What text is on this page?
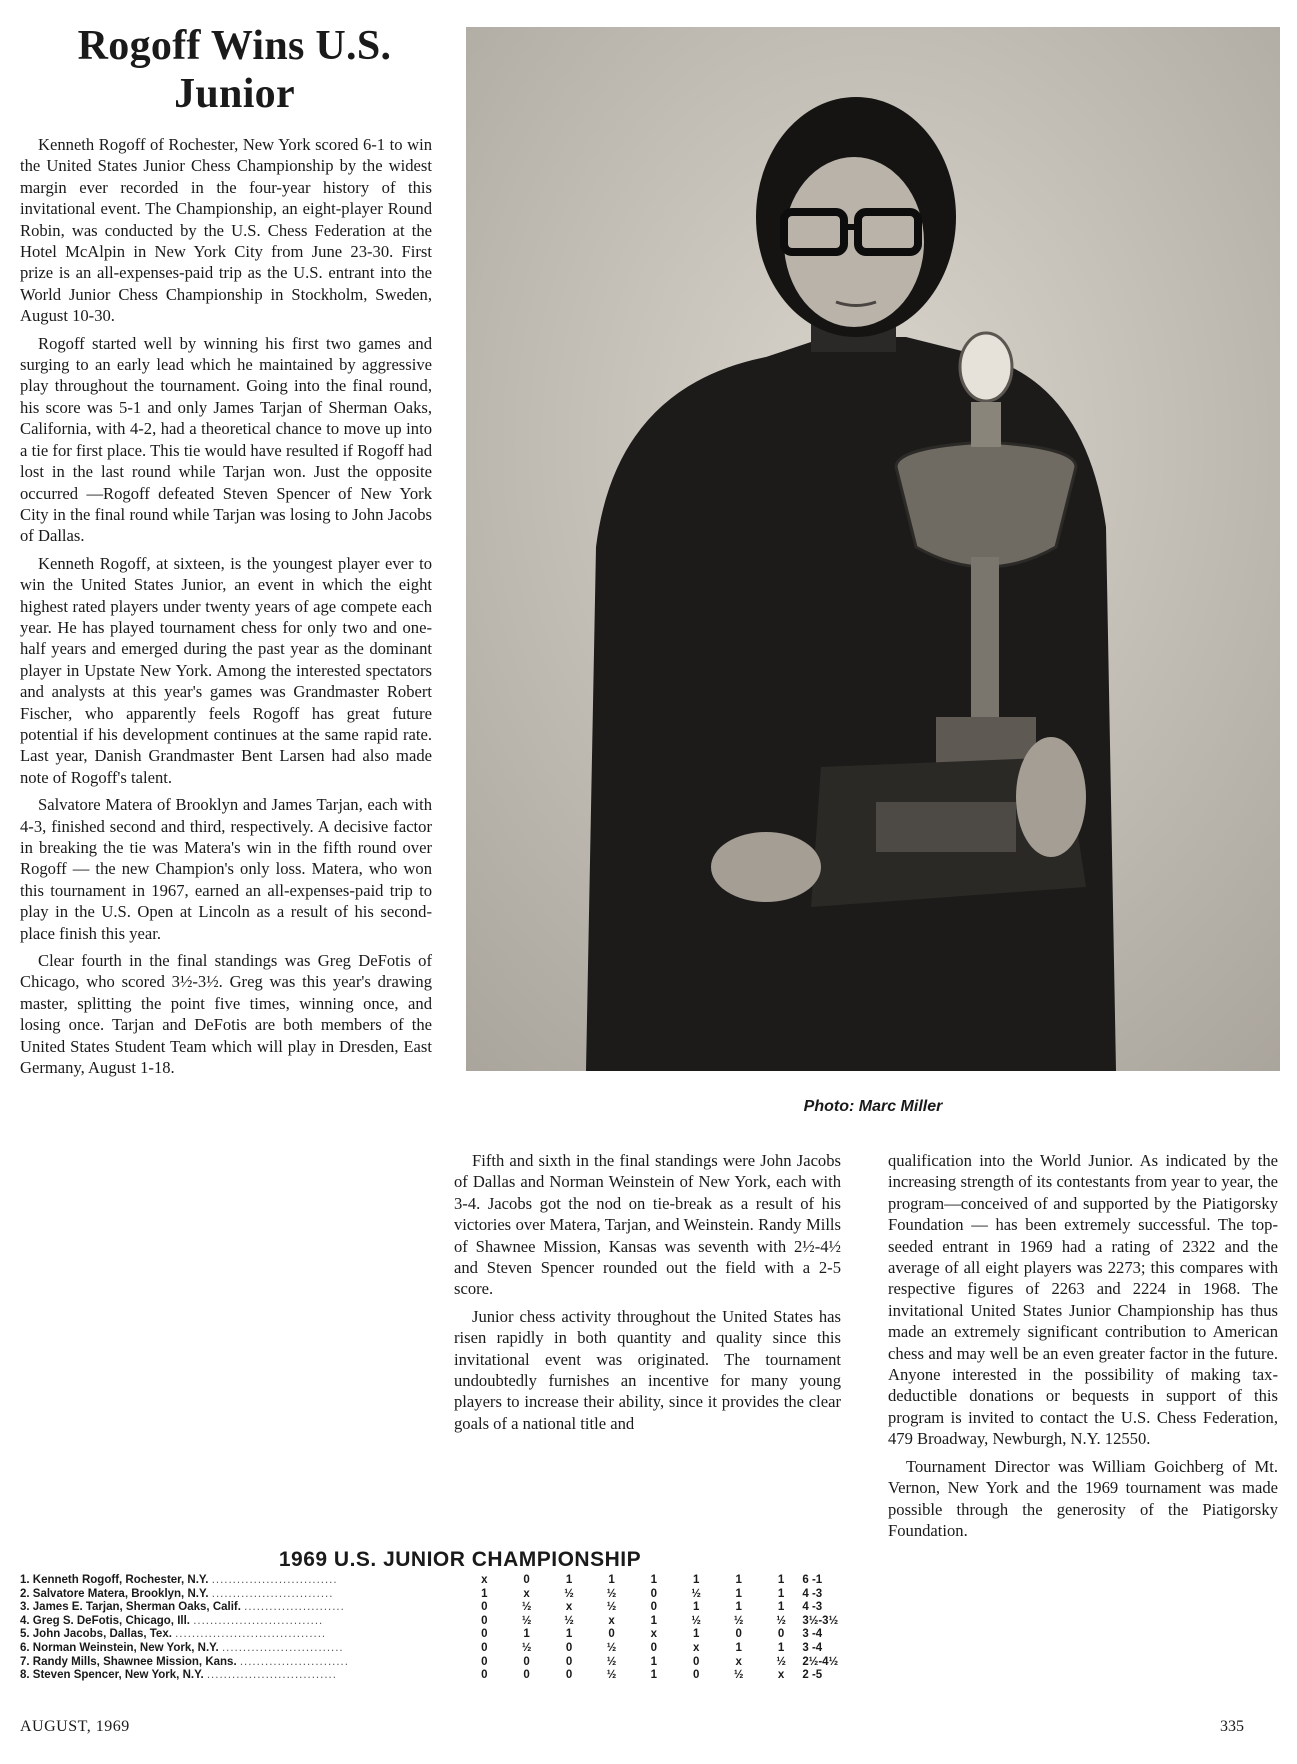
Rogoff Wins U.S. Junior

Kenneth Rogoff of Rochester, New York scored 6-1 to win the United States Junior Chess Championship by the widest margin ever recorded in the four-year history of this invitational event. The Championship, an eight-player Round Robin, was conducted by the U.S. Chess Federation at the Hotel McAlpin in New York City from June 23-30. First prize is an all-expenses-paid trip as the U.S. entrant into the World Junior Chess Championship in Stockholm, Sweden, August 10-30.

Rogoff started well by winning his first two games and surging to an early lead which he maintained by aggressive play throughout the tournament. Going into the final round, his score was 5-1 and only James Tarjan of Sherman Oaks, California, with 4-2, had a theoretical chance to move up into a tie for first place. This tie would have resulted if Rogoff had lost in the last round while Tarjan won. Just the opposite occurred —Rogoff defeated Steven Spencer of New York City in the final round while Tarjan was losing to John Jacobs of Dallas.

Kenneth Rogoff, at sixteen, is the youngest player ever to win the United States Junior, an event in which the eight highest rated players under twenty years of age compete each year. He has played tournament chess for only two and one-half years and emerged during the past year as the dominant player in Upstate New York. Among the interested spectators and analysts at this year's games was Grandmaster Robert Fischer, who apparently feels Rogoff has great future potential if his development continues at the same rapid rate. Last year, Danish Grandmaster Bent Larsen had also made note of Rogoff's talent.

Salvatore Matera of Brooklyn and James Tarjan, each with 4-3, finished second and third, respectively. A decisive factor in breaking the tie was Matera's win in the fifth round over Rogoff — the new Champion's only loss. Matera, who won this tournament in 1967, earned an all-expenses-paid trip to play in the U.S. Open at Lincoln as a result of his second-place finish this year.

Clear fourth in the final standings was Greg DeFotis of Chicago, who scored 3½-3½. Greg was this year's drawing master, splitting the point five times, winning once, and losing once. Tarjan and DeFotis are both members of the United States Student Team which will play in Dresden, East Germany, August 1-18.

Photo: Marc Miller

Fifth and sixth in the final standings were John Jacobs of Dallas and Norman Weinstein of New York, each with 3-4. Jacobs got the nod on tie-break as a result of his victories over Matera, Tarjan, and Weinstein. Randy Mills of Shawnee Mission, Kansas was seventh with 2½-4½ and Steven Spencer rounded out the field with a 2-5 score.

Junior chess activity throughout the United States has risen rapidly in both quantity and quality since this invitational event was originated. The tournament undoubtedly furnishes an incentive for many young players to increase their ability, since it provides the clear goals of a national title and

qualification into the World Junior. As indicated by the increasing strength of its contestants from year to year, the program—conceived of and supported by the Piatigorsky Foundation — has been extremely successful. The top-seeded entrant in 1969 had a rating of 2322 and the average of all eight players was 2273; this compares with respective figures of 2263 and 2224 in 1968. The invitational United States Junior Championship has thus made an extremely significant contribution to American chess and may well be an even greater factor in the future. Anyone interested in the possibility of making tax-deductible donations or bequests in support of this program is invited to contact the U.S. Chess Federation, 479 Broadway, Newburgh, N.Y. 12550.

Tournament Director was William Goichberg of Mt. Vernon, New York and the 1969 tournament was made possible through the generosity of the Piatigorsky Foundation.

1969 U.S. JUNIOR CHAMPIONSHIP
1. Kenneth Rogoff, Rochester, N.Y. ..............................	x	0	1	1	1	1	1	1	6 -1
2. Salvatore Matera, Brooklyn, N.Y. .............................	1	x	½	½	0	½	1	1	4 -3
3. James E. Tarjan, Sherman Oaks, Calif. ........................	0	½	x	½	0	1	1	1	4 -3
4. Greg S. DeFotis, Chicago, Ill. ...............................	0	½	½	x	1	½	½	½	3½-3½
5. John Jacobs, Dallas, Tex. ....................................	0	1	1	0	x	1	0	0	3 -4
6. Norman Weinstein, New York, N.Y. .............................	0	½	0	½	0	x	1	1	3 -4
7. Randy Mills, Shawnee Mission, Kans. ..........................	0	0	0	½	1	0	x	½	2½-4½
8. Steven Spencer, New York, N.Y. ...............................	0	0	0	½	1	0	½	x	2 -5
AUGUST, 1969	335
